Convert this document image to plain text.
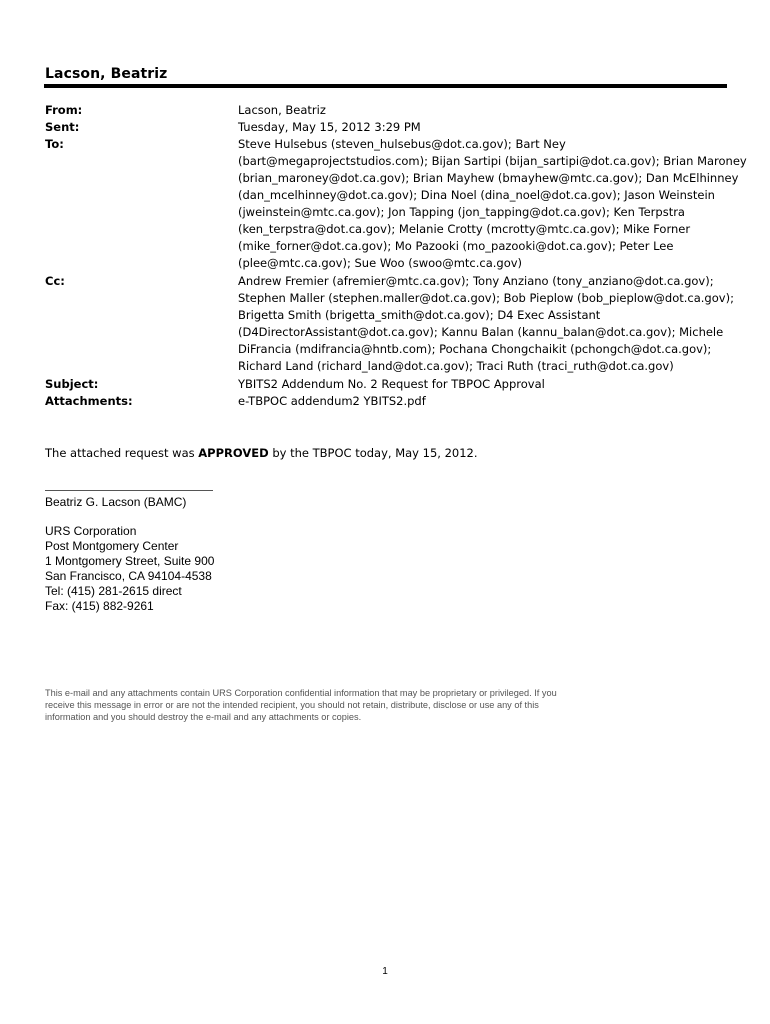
Lacson, Beatriz
From:	Lacson, Beatriz
Sent:	Tuesday, May 15, 2012 3:29 PM
To:	Steve Hulsebus (steven_hulsebus@dot.ca.gov); Bart Ney
(bart@megaprojectstudios.com); Bijan Sartipi (bijan_sartipi@dot.ca.gov); Brian Maroney
(brian_maroney@dot.ca.gov); Brian Mayhew (bmayhew@mtc.ca.gov); Dan McElhinney
(dan_mcelhinney@dot.ca.gov); Dina Noel (dina_noel@dot.ca.gov); Jason Weinstein
(jweinstein@mtc.ca.gov); Jon Tapping (jon_tapping@dot.ca.gov); Ken Terpstra
(ken_terpstra@dot.ca.gov); Melanie Crotty (mcrotty@mtc.ca.gov); Mike Forner
(mike_forner@dot.ca.gov); Mo Pazooki (mo_pazooki@dot.ca.gov); Peter Lee
(plee@mtc.ca.gov); Sue Woo (swoo@mtc.ca.gov)
Cc:	Andrew Fremier (afremier@mtc.ca.gov); Tony Anziano (tony_anziano@dot.ca.gov);
Stephen Maller (stephen.maller@dot.ca.gov); Bob Pieplow (bob_pieplow@dot.ca.gov);
Brigetta Smith (brigetta_smith@dot.ca.gov); D4 Exec Assistant
(D4DirectorAssistant@dot.ca.gov); Kannu Balan (kannu_balan@dot.ca.gov); Michele
DiFrancia (mdifrancia@hntb.com); Pochana Chongchaikit (pchongch@dot.ca.gov);
Richard Land (richard_land@dot.ca.gov); Traci Ruth (traci_ruth@dot.ca.gov)
Subject:	YBITS2 Addendum No. 2 Request for TBPOC Approval
Attachments:	e-TBPOC addendum2 YBITS2.pdf
The attached request was APPROVED by the TBPOC today, May 15, 2012.
Beatriz G. Lacson (BAMC)
URS Corporation
Post Montgomery Center
1 Montgomery Street, Suite 900
San Francisco, CA 94104-4538
Tel: (415) 281-2615 direct
Fax: (415) 882-9261
This e-mail and any attachments contain URS Corporation confidential information that may be proprietary or privileged. If you
receive this message in error or are not the intended recipient, you should not retain, distribute, disclose or use any of this
information and you should destroy the e-mail and any attachments or copies.
1
